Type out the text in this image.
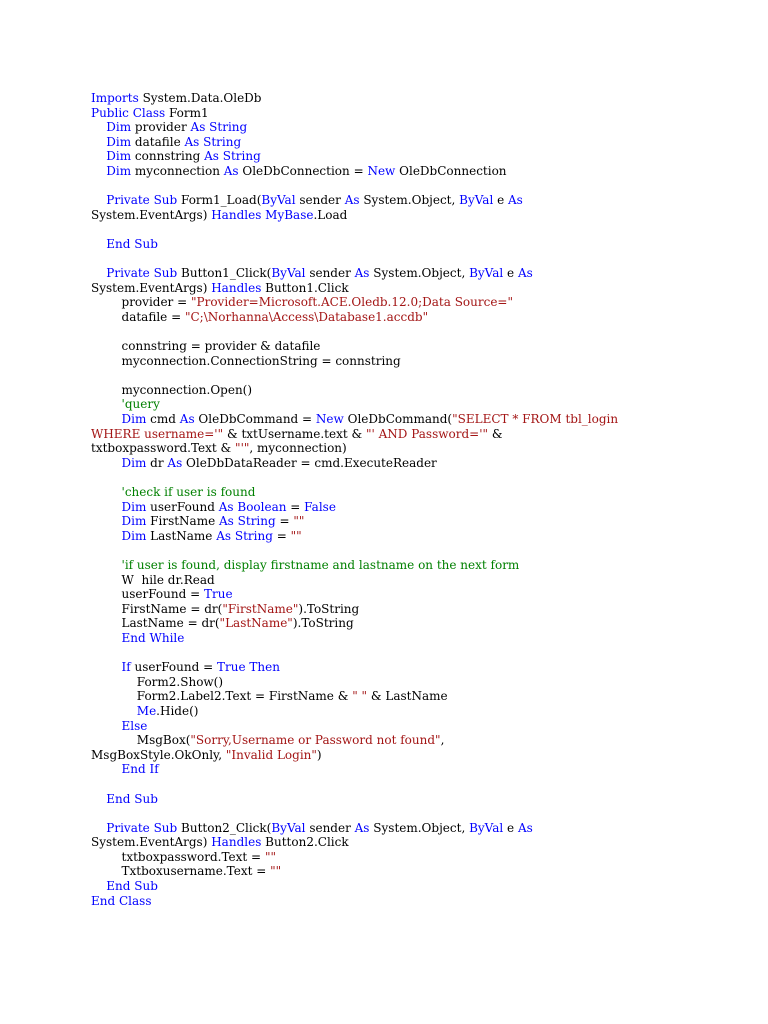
Imports System.Data.OleDb
Public Class Form1
Dim provider As String
Dim datafile As String
Dim connstring As String
Dim myconnection As OleDbConnection = New OleDbConnection
Private Sub Form1_Load(ByVal sender As System.Object, ByVal e As
System.EventArgs) Handles MyBase.Load
End Sub
Private Sub Button1_Click(ByVal sender As System.Object, ByVal e As
System.EventArgs) Handles Button1.Click
provider = "Provider=Microsoft.ACE.Oledb.12.0;Data Source="
datafile = "C;\Norhanna\Access\Database1.accdb"
connstring = provider & datafile
myconnection.ConnectionString = connstring
myconnection.Open()
'query
Dim cmd As OleDbCommand = New OleDbCommand("SELECT * FROM tbl_login
WHERE username='" & txtUsername.text & "' AND Password='" &
txtboxpassword.Text & "'", myconnection)
Dim dr As OleDbDataReader = cmd.ExecuteReader
'check if user is found
Dim userFound As Boolean = False
Dim FirstName As String = ""
Dim LastName As String = ""
'if user is found, display firstname and lastname on the next form
W  hile dr.Read
userFound = True
FirstName = dr("FirstName").ToString
LastName = dr("LastName").ToString
End While
If userFound = True Then
Form2.Show()
Form2.Label2.Text = FirstName & " " & LastName
Me.Hide()
Else
MsgBox("Sorry,Username or Password not found",
MsgBoxStyle.OkOnly, "Invalid Login")
End If
End Sub
Private Sub Button2_Click(ByVal sender As System.Object, ByVal e As
System.EventArgs) Handles Button2.Click
txtboxpassword.Text = ""
Txtboxusername.Text = ""
End Sub
End Class
